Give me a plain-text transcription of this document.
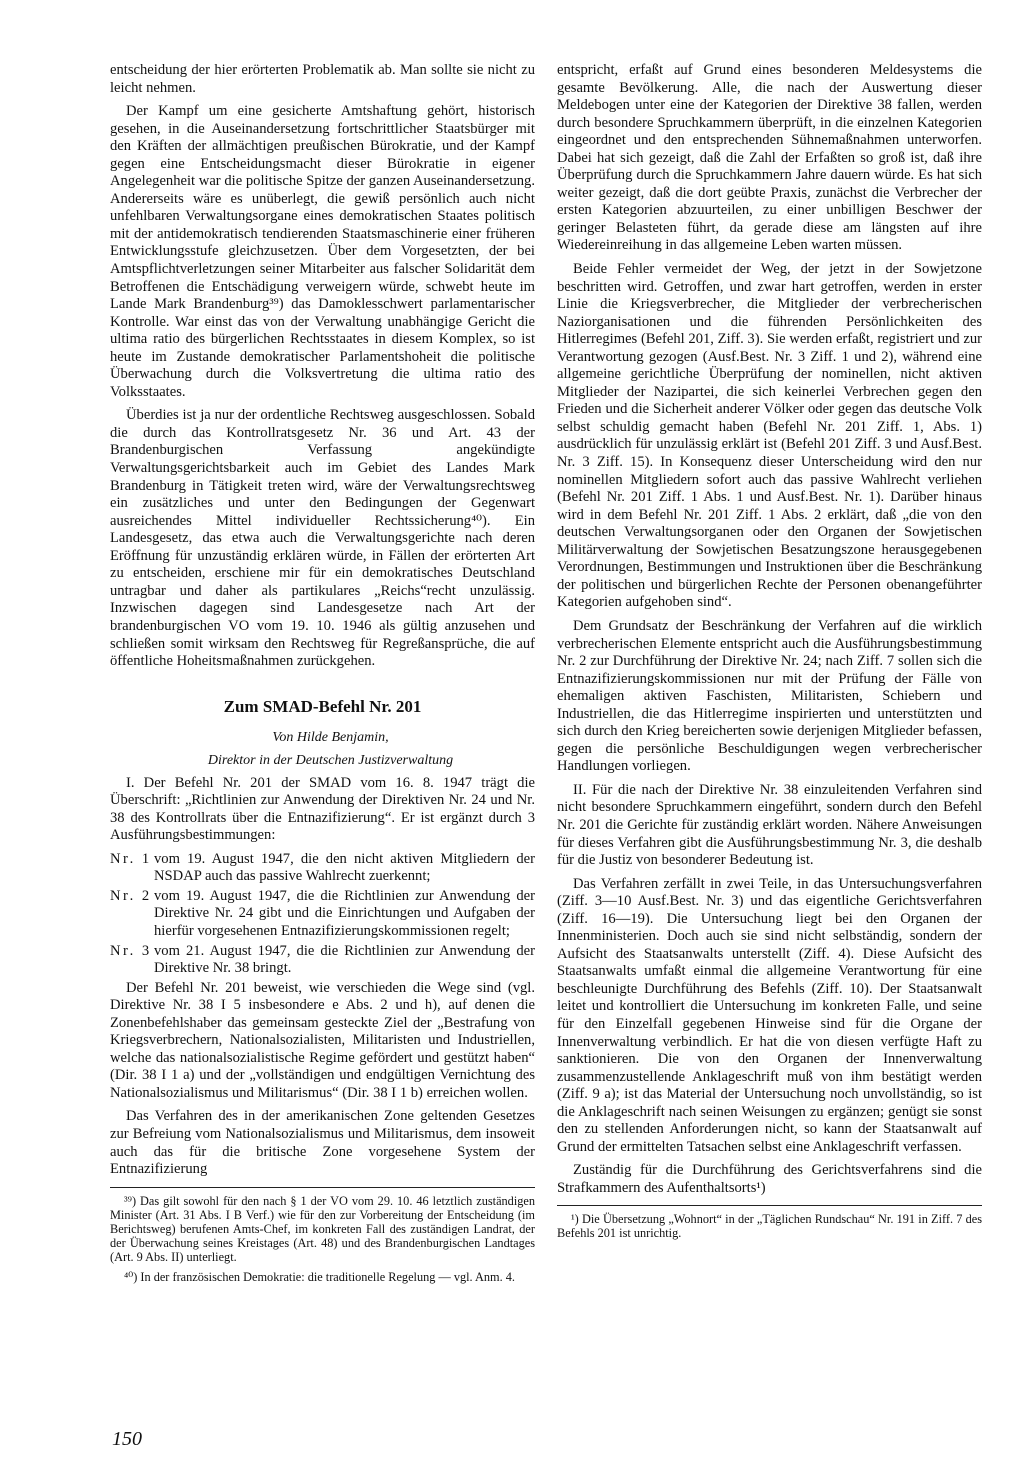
entscheidung der hier erörterten Problematik ab. Man sollte sie nicht zu leicht nehmen.

Der Kampf um eine gesicherte Amtshaftung gehört, historisch gesehen, in die Auseinandersetzung fortschrittlicher Staatsbürger mit den Kräften der allmächtigen preußischen Bürokratie, und der Kampf gegen eine Entscheidungsmacht dieser Bürokratie in eigener Angelegenheit war die politische Spitze der ganzen Auseinandersetzung. Andererseits wäre es unüberlegt, die gewiß persönlich auch nicht unfehlbaren Verwaltungsorgane eines demokratischen Staates politisch mit der antidemokratisch tendierenden Staatsmaschinerie einer früheren Entwicklungsstufe gleichzusetzen. Über dem Vorgesetzten, der bei Amtspflichtverletzungen seiner Mitarbeiter aus falscher Solidarität dem Betroffenen die Entschädigung verweigern würde, schwebt heute im Lande Mark Brandenburg³⁹) das Damoklesschwert parlamentarischer Kontrolle. War einst das von der Verwaltung unabhängige Gericht die ultima ratio des bürgerlichen Rechtsstaates in diesem Komplex, so ist heute im Zustande demokratischer Parlamentshoheit die politische Überwachung durch die Volksvertretung die ultima ratio des Volksstaates.

Überdies ist ja nur der ordentliche Rechtsweg ausgeschlossen. Sobald die durch das Kontrollratsgesetz Nr. 36 und Art. 43 der Brandenburgischen Verfassung angekündigte Verwaltungsgerichtsbarkeit auch im Gebiet des Landes Mark Brandenburg in Tätigkeit treten wird, wäre der Verwaltungsrechtsweg ein zusätzliches und unter den Bedingungen der Gegenwart ausreichendes Mittel individueller Rechtssicherung⁴⁰). Ein Landesgesetz, das etwa auch die Verwaltungsgerichte nach deren Eröffnung für unzuständig erklären würde, in Fällen der erörterten Art zu entscheiden, erschiene mir für ein demokratisches Deutschland untragbar und daher als partikulares „Reichs“recht unzulässig. Inzwischen dagegen sind Landesgesetze nach Art der brandenburgischen VO vom 19. 10. 1946 als gültig anzusehen und schließen somit wirksam den Rechtsweg für Regreßansprüche, die auf öffentliche Hoheitsmaßnahmen zurückgehen.

Zum SMAD-Befehl Nr. 201

Von Hilde Benjamin,

Direktor in der Deutschen Justizverwaltung

I. Der Befehl Nr. 201 der SMAD vom 16. 8. 1947 trägt die Überschrift: „Richtlinien zur Anwendung der Direktiven Nr. 24 und Nr. 38 des Kontrollrats über die Entnazifizierung“. Er ist ergänzt durch 3 Ausführungsbestimmungen:

Nr. 1 vom 19. August 1947, die den nicht aktiven Mitgliedern der NSDAP auch das passive Wahlrecht zuerkennt;
Nr. 2 vom 19. August 1947, die die Richtlinien zur Anwendung der Direktive Nr. 24 gibt und die Einrichtungen und Aufgaben der hierfür vorgesehenen Entnazifizierungskommissionen regelt;
Nr. 3 vom 21. August 1947, die die Richtlinien zur Anwendung der Direktive Nr. 38 bringt.

Der Befehl Nr. 201 beweist, wie verschieden die Wege sind (vgl. Direktive Nr. 38 I 5 insbesondere e Abs. 2 und h), auf denen die Zonenbefehlshaber das gemeinsam gesteckte Ziel der „Bestrafung von Kriegsverbrechern, Nationalsozialisten, Militaristen und Industriellen, welche das nationalsozialistische Regime gefördert und gestützt haben“ (Dir. 38 I 1 a) und der „vollständigen und endgültigen Vernichtung des Nationalsozialismus und Militarismus“ (Dir. 38 I 1 b) erreichen wollen.

Das Verfahren des in der amerikanischen Zone geltenden Gesetzes zur Befreiung vom Nationalsozialismus und Militarismus, dem insoweit auch das für die britische Zone vorgesehene System der Entnazifizierung

³⁹) Das gilt sowohl für den nach § 1 der VO vom 29. 10. 46 letztlich zuständigen Minister (Art. 31 Abs. I B Verf.) wie für den zur Vorbereitung der Entscheidung (im Berichtsweg) berufenen Amts-Chef, im konkreten Fall des zuständigen Landrat, der der Überwachung seines Kreistages (Art. 48) und des Brandenburgischen Landtages (Art. 9 Abs. II) unterliegt.

⁴⁰) In der französischen Demokratie: die traditionelle Regelung — vgl. Anm. 4.

entspricht, erfaßt auf Grund eines besonderen Meldesystems die gesamte Bevölkerung. Alle, die nach der Auswertung dieser Meldebogen unter eine der Kategorien der Direktive 38 fallen, werden durch besondere Spruchkammern überprüft, in die einzelnen Kategorien eingeordnet und den entsprechenden Sühnemaßnahmen unterworfen. Dabei hat sich gezeigt, daß die Zahl der Erfaßten so groß ist, daß ihre Überprüfung durch die Spruchkammern Jahre dauern würde. Es hat sich weiter gezeigt, daß die dort geübte Praxis, zunächst die Verbrecher der ersten Kategorien abzuurteilen, zu einer unbilligen Beschwer der geringer Belasteten führt, da gerade diese am längsten auf ihre Wiedereinreihung in das allgemeine Leben warten müssen.

Beide Fehler vermeidet der Weg, der jetzt in der Sowjetzone beschritten wird. Getroffen, und zwar hart getroffen, werden in erster Linie die Kriegsverbrecher, die Mitglieder der verbrecherischen Naziorganisationen und die führenden Persönlichkeiten des Hitlerregimes (Befehl 201, Ziff. 3). Sie werden erfaßt, registriert und zur Verantwortung gezogen (Ausf.Best. Nr. 3 Ziff. 1 und 2), während eine allgemeine gerichtliche Überprüfung der nominellen, nicht aktiven Mitglieder der Nazipartei, die sich keinerlei Verbrechen gegen den Frieden und die Sicherheit anderer Völker oder gegen das deutsche Volk selbst schuldig gemacht haben (Befehl Nr. 201 Ziff. 1, Abs. 1) ausdrücklich für unzulässig erklärt ist (Befehl 201 Ziff. 3 und Ausf.Best. Nr. 3 Ziff. 15). In Konsequenz dieser Unterscheidung wird den nur nominellen Mitgliedern sofort auch das passive Wahlrecht verliehen (Befehl Nr. 201 Ziff. 1 Abs. 1 und Ausf.Best. Nr. 1). Darüber hinaus wird in dem Befehl Nr. 201 Ziff. 1 Abs. 2 erklärt, daß „die von den deutschen Verwaltungsorganen oder den Organen der Sowjetischen Militärverwaltung der Sowjetischen Besatzungszone herausgegebenen Verordnungen, Bestimmungen und Instruktionen über die Beschränkung der politischen und bürgerlichen Rechte der Personen obenangeführter Kategorien aufgehoben sind“.

Dem Grundsatz der Beschränkung der Verfahren auf die wirklich verbrecherischen Elemente entspricht auch die Ausführungsbestimmung Nr. 2 zur Durchführung der Direktive Nr. 24; nach Ziff. 7 sollen sich die Entnazifizierungskommissionen nur mit der Prüfung der Fälle von ehemaligen aktiven Faschisten, Militaristen, Schiebern und Industriellen, die das Hitlerregime inspirierten und unterstützten und sich durch den Krieg bereicherten sowie derjenigen Mitglieder befassen, gegen die persönliche Beschuldigungen wegen verbrecherischer Handlungen vorliegen.

II. Für die nach der Direktive Nr. 38 einzuleitenden Verfahren sind nicht besondere Spruchkammern eingeführt, sondern durch den Befehl Nr. 201 die Gerichte für zuständig erklärt worden. Nähere Anweisungen für dieses Verfahren gibt die Ausführungsbestimmung Nr. 3, die deshalb für die Justiz von besonderer Bedeutung ist.

Das Verfahren zerfällt in zwei Teile, in das Untersuchungsverfahren (Ziff. 3—10 Ausf.Best. Nr. 3) und das eigentliche Gerichtsverfahren (Ziff. 16—19). Die Untersuchung liegt bei den Organen der Innenministerien. Doch auch sie sind nicht selbständig, sondern der Aufsicht des Staatsanwalts unterstellt (Ziff. 4). Diese Aufsicht des Staatsanwalts umfaßt einmal die allgemeine Verantwortung für eine beschleunigte Durchführung des Befehls (Ziff. 10). Der Staatsanwalt leitet und kontrolliert die Untersuchung im konkreten Falle, und seine für den Einzelfall gegebenen Hinweise sind für die Organe der Innenverwaltung verbindlich. Er hat die von diesen verfügte Haft zu sanktionieren. Die von den Organen der Innenverwaltung zusammenzustellende Anklageschrift muß von ihm bestätigt werden (Ziff. 9 a); ist das Material der Untersuchung noch unvollständig, so ist die Anklageschrift nach seinen Weisungen zu ergänzen; genügt sie sonst den zu stellenden Anforderungen nicht, so kann der Staatsanwalt auf Grund der ermittelten Tatsachen selbst eine Anklageschrift verfassen.

Zuständig für die Durchführung des Gerichtsverfahrens sind die Strafkammern des Aufenthaltsorts¹)

¹) Die Übersetzung „Wohnort“ in der „Täglichen Rundschau“ Nr. 191 in Ziff. 7 des Befehls 201 ist unrichtig.

150
